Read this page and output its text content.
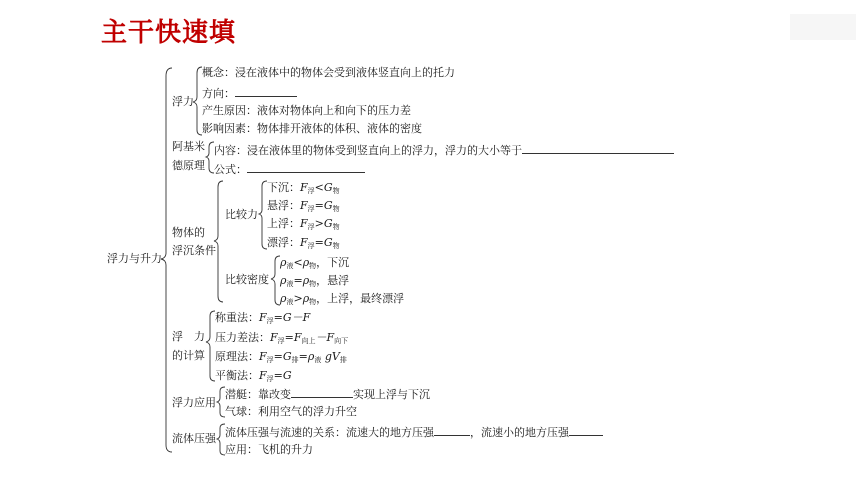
主干快速填
浮力与升力
浮力
概念：浸在液体中的物体会受到液体竖直向上的托力
方向：
产生原因：液体对物体向上和向下的压力差
影响因素：物体排开液体的体积、液体的密度
阿基米
德原理
内容：浸在液体里的物体受到竖直向上的浮力，浮力的大小等于
公式：
物体的
浮沉条件
比较力
下沉：$F_浮<G_物$
悬浮：$F_浮=G_物$
上浮：$F_浮>G_物$
漂浮：$F_浮=G_物$
比较密度
$\rho_液<\rho_物$，下沉
$\rho_液=\rho_物$，悬浮
$\rho_液>\rho_物$，上浮，最终漂浮
浮　力
的计算
称重法：$F_浮=G-F$
压力差法：$F_浮=F_{向上}-F_{向下}$
原理法：$F_浮=G_排=\rho_液$ $gV_排$
平衡法：$F_浮=G$
浮力应用
潜艇：靠改变	实现上浮与下沉
气球：利用空气的浮力升空
流体压强 流体压强与流速的关系：流速大的地方压强	，流速小的地方压强
应用：飞机的升力
